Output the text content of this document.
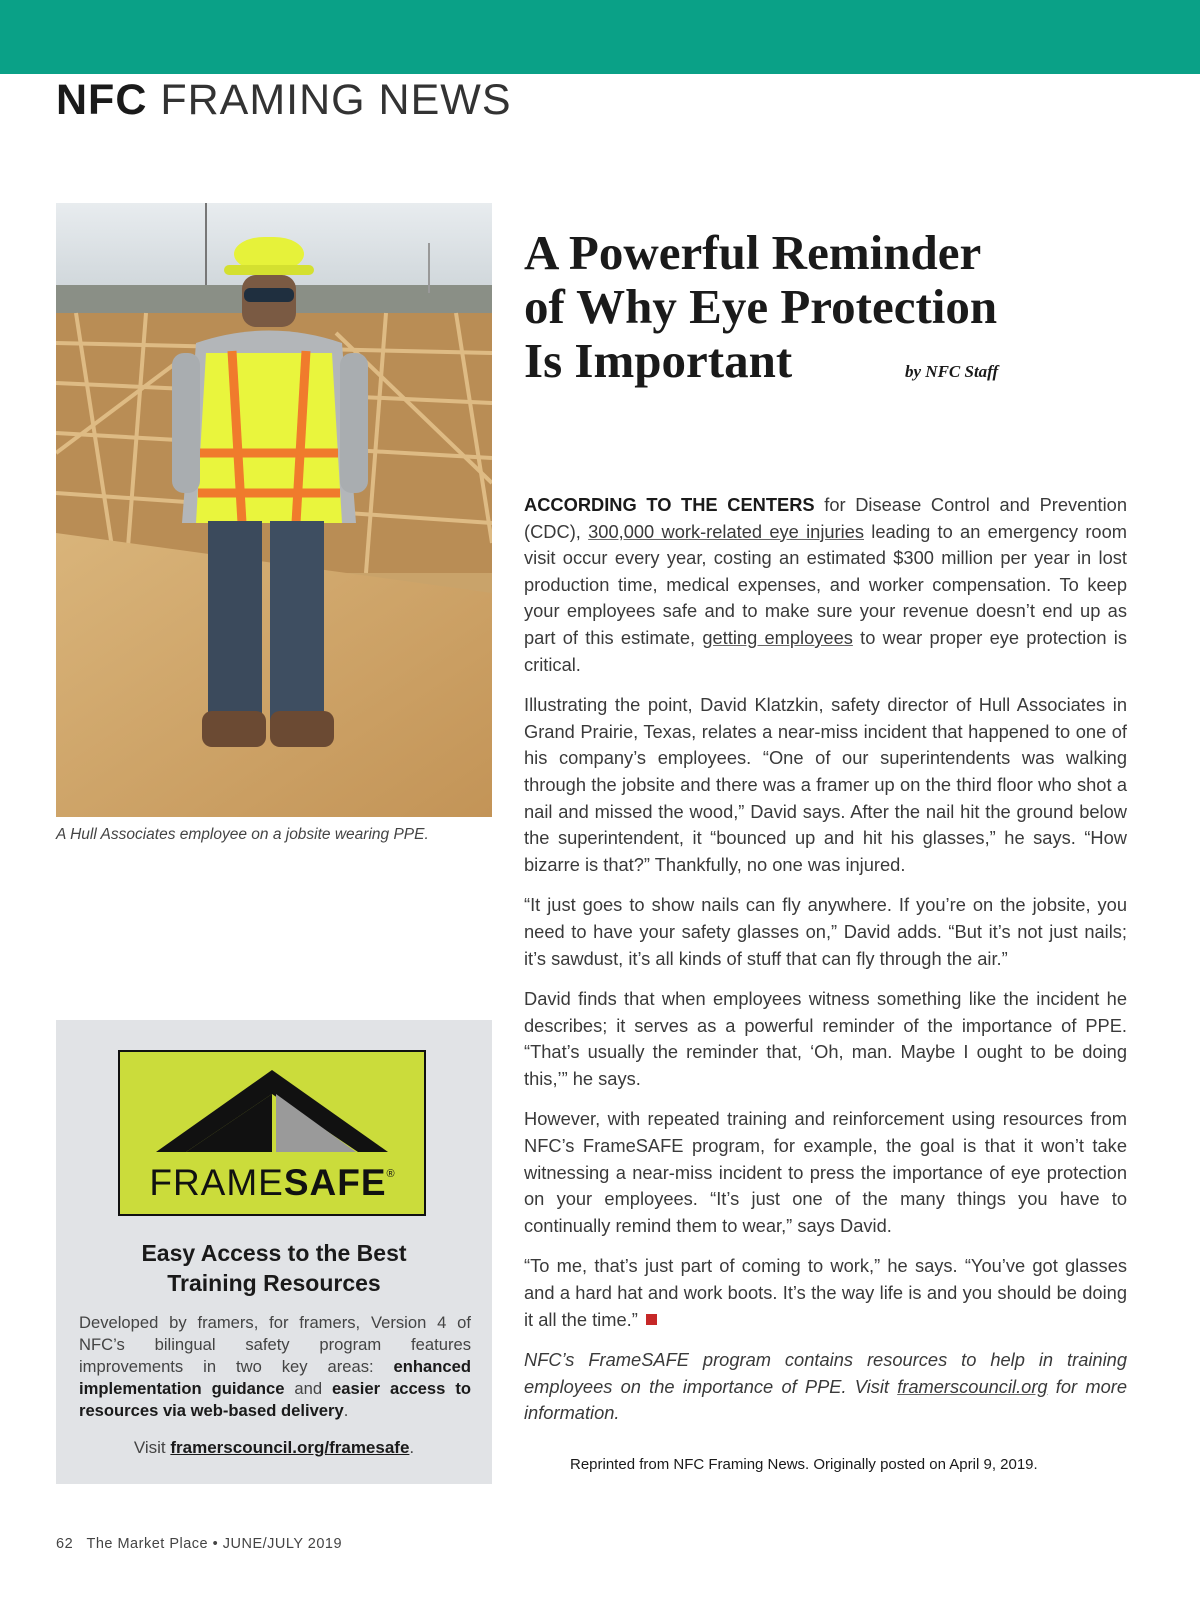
NFC FRAMING NEWS
A Hull Associates employee on a jobsite wearing PPE.
A Powerful Reminder
of Why Eye Protection
Is Important	by NFC Staff

ACCORDING TO THE CENTERS for Disease Control and Prevention (CDC), 300,000 work-related eye injuries leading to an emergency room visit occur every year, costing an estimated $300 million per year in lost production time, medical expenses, and worker compensation. To keep your employees safe and to make sure your revenue doesn’t end up as part of this estimate, getting employees to wear proper eye protection is critical.

Illustrating the point, David Klatzkin, safety director of Hull Associates in Grand Prairie, Texas, relates a near-miss incident that happened to one of his company’s employees. “One of our superintendents was walking through the jobsite and there was a framer up on the third floor who shot a nail and missed the wood,” David says. After the nail hit the ground below the superintendent, it “bounced up and hit his glasses,” he says. “How bizarre is that?” Thankfully, no one was injured.

“It just goes to show nails can fly anywhere. If you’re on the jobsite, you need to have your safety glasses on,” David adds. “But it’s not just nails; it’s sawdust, it’s all kinds of stuff that can fly through the air.”

David finds that when employees witness something like the incident he describes; it serves as a powerful reminder of the importance of PPE. “That’s usually the reminder that, ‘Oh, man. Maybe I ought to be doing this,’” he says.

However, with repeated training and reinforcement using resources from NFC’s FrameSAFE program, for example, the goal is that it won’t take witnessing a near-miss incident to press the importance of eye protection on your employees. “It’s just one of the many things you have to continually remind them to wear,” says David.

“To me, that’s just part of coming to work,” he says. “You’ve got glasses and a hard hat and work boots. It’s the way life is and you should be doing it all the time.”

NFC’s FrameSAFE program contains resources to help in training employees on the importance of PPE. Visit framerscouncil.org for more information.

Reprinted from NFC Framing News. Originally posted on April 9, 2019.
FRAMESAFE®
Easy Access to the Best
Training Resources
Developed by framers, for framers, Version 4 of NFC’s bilingual safety program features improvements in two key areas: enhanced implementation guidance and easier access to resources via web-based delivery.
Visit framerscouncil.org/framesafe.
62 The Market Place • JUNE/JULY 2019
